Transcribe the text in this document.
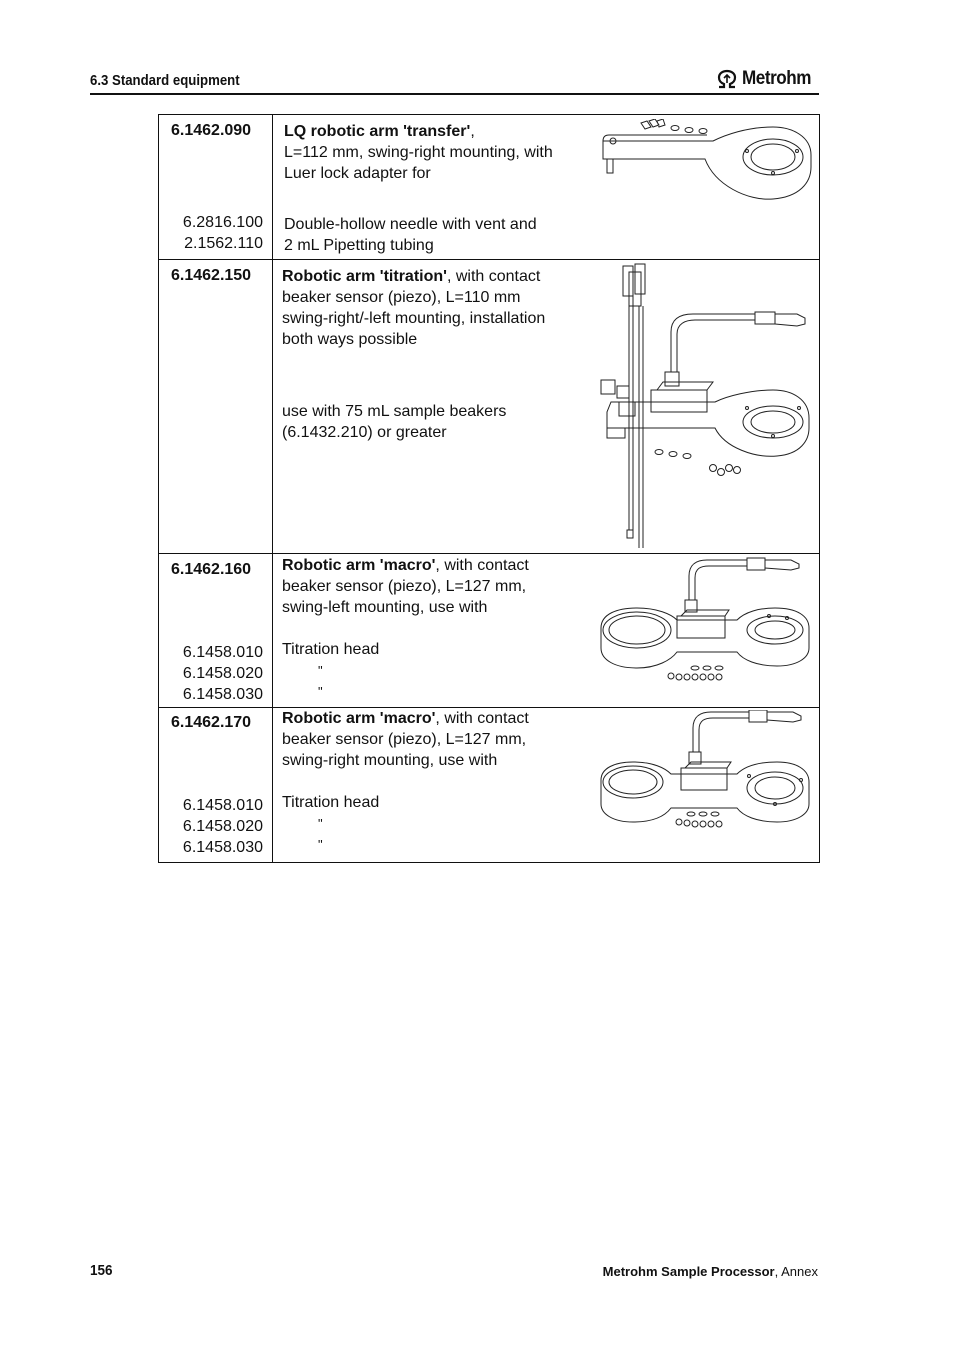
6.3 Standard equipment	Metrohm
6.1462.090 LQ robotic arm 'transfer',
L=112 mm, swing-right mounting, with
Luer lock adapter for
6.2816.100
2.1562.110
Double-hollow needle with vent and
2 mL Pipetting tubing
6.1462.150 Robotic arm 'titration', with contact
beaker sensor (piezo), L=110 mm
swing-right/-left mounting, installation
both ways possible
use with 75 mL sample beakers
(6.1432.210) or greater
6.1462.160 Robotic arm 'macro', with contact
beaker sensor (piezo), L=127 mm,
swing-left mounting, use with
6.1458.010
6.1458.020
6.1458.030
Titration head
"
"
6.1462.170 Robotic arm 'macro', with contact
beaker sensor (piezo), L=127 mm,
swing-right mounting, use with
6.1458.010
6.1458.020
6.1458.030
Titration head
"
"
156	Metrohm Sample Processor, Annex
